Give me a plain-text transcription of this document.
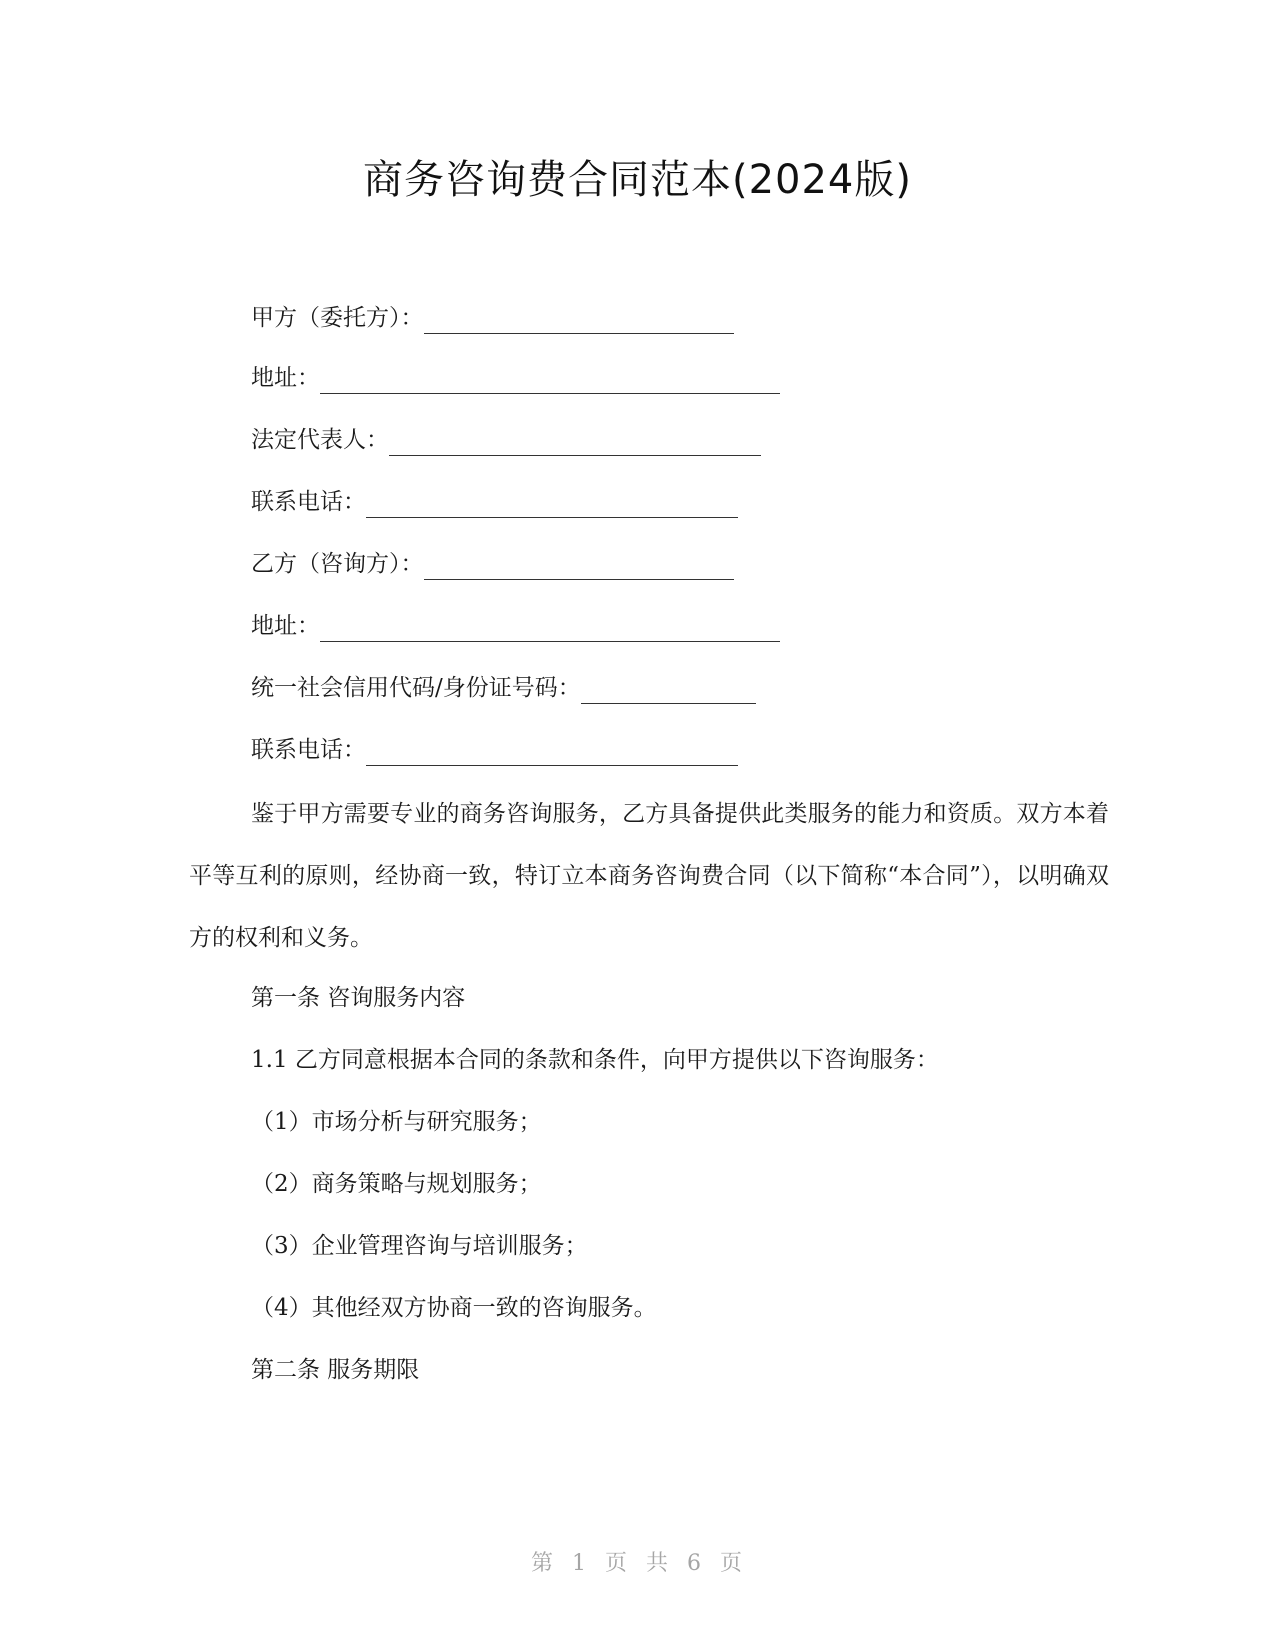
商务咨询费合同范本(2024版)
甲方（委托方）：
地址：
法定代表人：
联系电话：
乙方（咨询方）：
地址：
统一社会信用代码/身份证号码：
联系电话：

鉴于甲方需要专业的商务咨询服务，乙方具备提供此类服务的能力和资质。双方本着平等互利的原则，经协商一致，特订立本商务咨询费合同（以下简称“本合同”），以明确双方的权利和义务。

第一条 咨询服务内容
1.1 乙方同意根据本合同的条款和条件，向甲方提供以下咨询服务：
（1）市场分析与研究服务；
（2）商务策略与规划服务；
（3）企业管理咨询与培训服务；
（4）其他经双方协商一致的咨询服务。
第二条 服务期限
第 1 页 共 6 页
